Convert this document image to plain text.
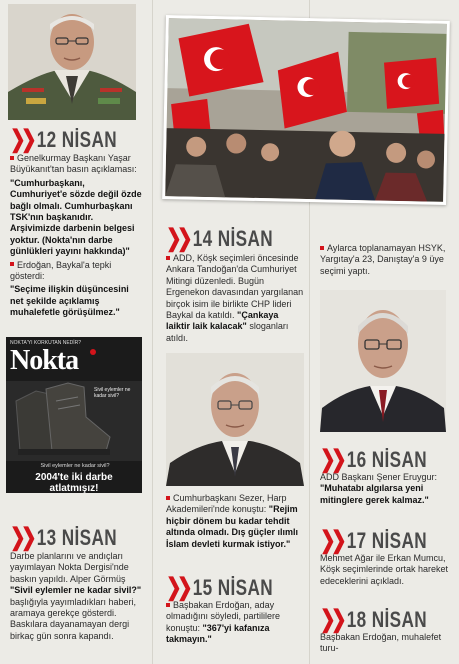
❯❯ 12 NİSAN

Genelkurmay Başkanı Yaşar Büyükanıt'tan basın açıklaması:

"Cumhurbaşkanı, Cumhuriyet'e sözde değil özde bağlı olmalı. Cumhurbaşkanı TSK'nın başkanıdır. Arşivimizde darbenin belgesi yoktur. (Nokta'nın darbe günlükleri yayını hakkında)"

Erdoğan, Baykal'a tepki gösterdi:

"Seçime ilişkin düşüncesini net şekilde açıklamış muhalefetle görüşülmez."

NOKTA'YI KORKUTAN NEDİR?
Nokta
Sivil eylemler ne kadar sivil?
Sivil eylemler ne kadar sivil?
2004'te iki darbe atlatmışız!
❯❯ 13 NİSAN

Darbe planlarını ve andıçları yayımlayan Nokta Dergisi'nde baskın yapıldı. Alper Görmüş "Sivil eylemler ne kadar sivil?" başlığıyla yayımladıkları haberi, aramaya gerekçe gösterdi. Baskılara dayanamayan dergi birkaç gün sonra kapandı.

❯❯ 14 NİSAN

ADD, Köşk seçimleri öncesinde Ankara Tandoğan'da Cumhuriyet Mitingi düzenledi. Bugün Ergenekon davasından yargılanan birçok isim ile birlikte CHP lideri Baykal da katıldı. "Çankaya laiktir laik kalacak" sloganları atıldı.

Aylarca toplanamayan HSYK, Yargıtay'a 23, Danıştay'a 9 üye seçimi yaptı.

Cumhurbaşkanı Sezer, Harp Akademileri'nde konuştu: "Rejim hiçbir dönem bu kadar tehdit altında olmadı. Dış güçler ılımlı İslam devleti kurmak istiyor."

❯❯ 15 NİSAN

Başbakan Erdoğan, aday olmadığını söyledi, partililere konuştu: "367'yi kafanıza takmayın."

❯❯ 16 NİSAN

ADD Başkanı Şener Eruygur: "Muhatabı algılarsa yeni mitinglere gerek kalmaz."

❯❯ 17 NİSAN

Mehmet Ağar ile Erkan Mumcu, Köşk seçimlerinde ortak hareket edeceklerini açıkladı.

❯❯ 18 NİSAN

Başbakan Erdoğan, muhalefet turu-
